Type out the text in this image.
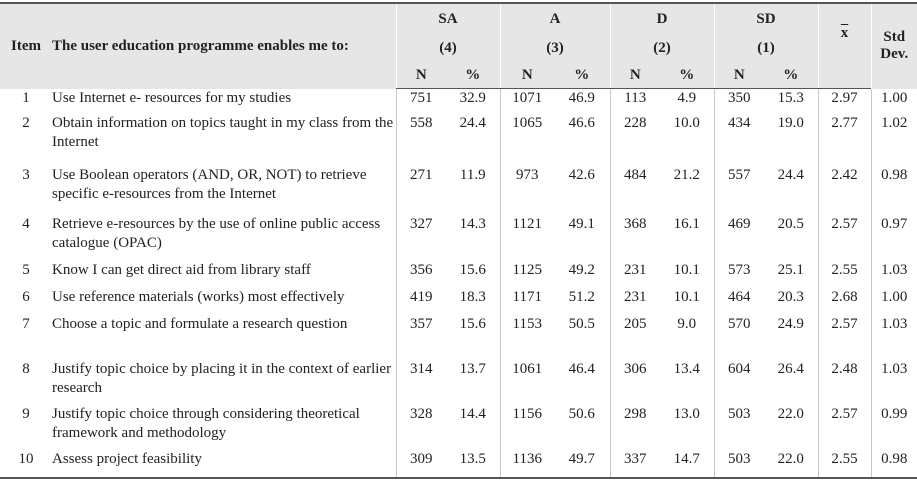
Item	The user education programme enables me to:	SA		A		D		SD		$\overline{x}$	Std
Dev.

		(4)		(3)		(2)		(1)			
		N	%	N	%	N	%	N	%		
1	Use Internet e- resources for my studies	751	32.9	1071	46.9	113	4.9	350	15.3	2.97	1.00
2	Obtain information on topics taught in my class from the Internet	558	24.4	1065	46.6	228	10.0	434	19.0	2.77	1.02
3	Use Boolean operators (AND, OR, NOT) to retrieve specific e-resources from the Internet	271	11.9	973	42.6	484	21.2	557	24.4	2.42	0.98
4	Retrieve e-resources by the use of online public access catalogue (OPAC)	327	14.3	1121	49.1	368	16.1	469	20.5	2.57	0.97
5	Know I can get direct aid from library staff	356	15.6	1125	49.2	231	10.1	573	25.1	2.55	1.03
6	Use reference materials (works) most effectively	419	18.3	1171	51.2	231	10.1	464	20.3	2.68	1.00
7	Choose a topic and formulate a research question	357	15.6	1153	50.5	205	9.0	570	24.9	2.57	1.03
8	Justify topic choice by placing it in the context of earlier research	314	13.7	1061	46.4	306	13.4	604	26.4	2.48	1.03
9	Justify topic choice through considering theoretical framework and methodology	328	14.4	1156	50.6	298	13.0	503	22.0	2.57	0.99
10	Assess project feasibility	309	13.5	1136	49.7	337	14.7	503	22.0	2.55	0.98
